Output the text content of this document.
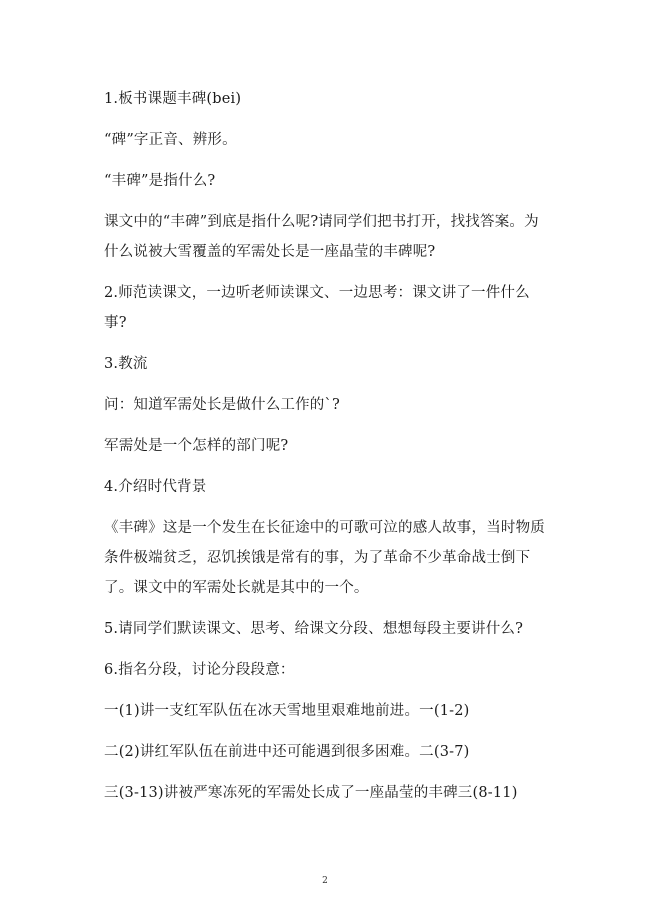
1.板书课题丰碑(bei)

“碑”字正音、辨形。

“丰碑”是指什么?

课文中的“丰碑”到底是指什么呢?请同学们把书打开，找找答案。为什么说被大雪覆盖的军需处长是一座晶莹的丰碑呢?

2.师范读课文，一边听老师读课文、一边思考：课文讲了一件什么事?

3.教流

问：知道军需处长是做什么工作的`?

军需处是一个怎样的部门呢?

4.介绍时代背景

《丰碑》这是一个发生在长征途中的可歌可泣的感人故事，当时物质条件极端贫乏，忍饥挨饿是常有的事，为了革命不少革命战士倒下了。课文中的军需处长就是其中的一个。

5.请同学们默读课文、思考、给课文分段、想想每段主要讲什么?

6.指名分段，讨论分段段意：

一(1)讲一支红军队伍在冰天雪地里艰难地前进。一(1-2)

二(2)讲红军队伍在前进中还可能遇到很多困难。二(3-7)

三(3-13)讲被严寒冻死的军需处长成了一座晶莹的丰碑三(8-11)

2
